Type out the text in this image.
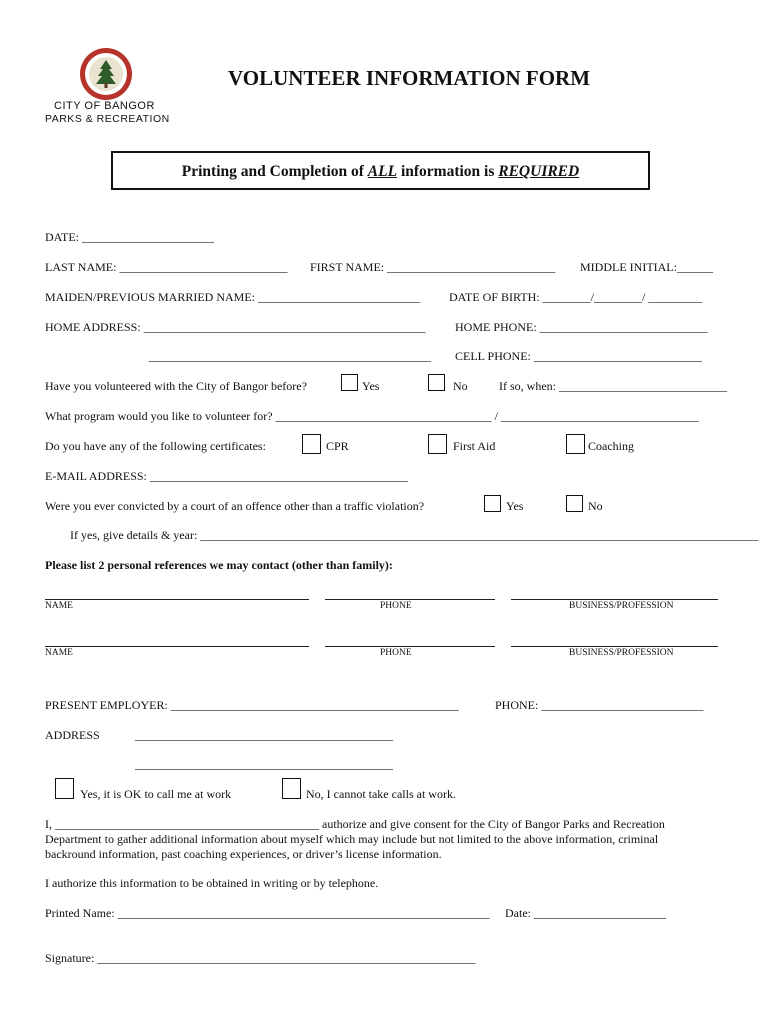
CITY OF BANGOR
PARKS & RECREATION
VOLUNTEER INFORMATION FORM
Printing and Completion of ALL information is REQUIRED
DATE: ______________________
LAST NAME: ____________________________ FIRST NAME: ____________________________ MIDDLE INITIAL:______
MAIDEN/PREVIOUS MARRIED NAME: ___________________________ DATE OF BIRTH: ________/________/ _________
HOME ADDRESS: _______________________________________________ HOME PHONE: ____________________________
_______________________________________________ CELL PHONE: ____________________________
Have you volunteered with the City of Bangor before?	Yes	No	If so, when: ____________________________
What program would you like to volunteer for? ____________________________________ / _________________________________
Do you have any of the following certificates:	CPR	First Aid	Coaching
E-MAIL ADDRESS: ___________________________________________
Were you ever convicted by a court of an offence other than a traffic violation?	Yes	No
If yes, give details & year: _____________________________________________________________________________________________
Please list 2 personal references we may contact (other than family):
NAME	PHONE	BUSINESS/PROFESSION
NAME	PHONE	BUSINESS/PROFESSION
PRESENT EMPLOYER: ________________________________________________	PHONE: ___________________________
ADDRESS	___________________________________________
___________________________________________
Yes, it is OK to call me at work	No, I cannot take calls at work.
I, ____________________________________________ authorize and give consent for the City of Bangor Parks and Recreation
Department to gather additional information about myself which may include but not limited to the above information, criminal
backround information, past coaching experiences, or driver’s license information.
I authorize this information to be obtained in writing or by telephone.
Printed Name: ______________________________________________________________ Date: ______________________
Signature: _______________________________________________________________
